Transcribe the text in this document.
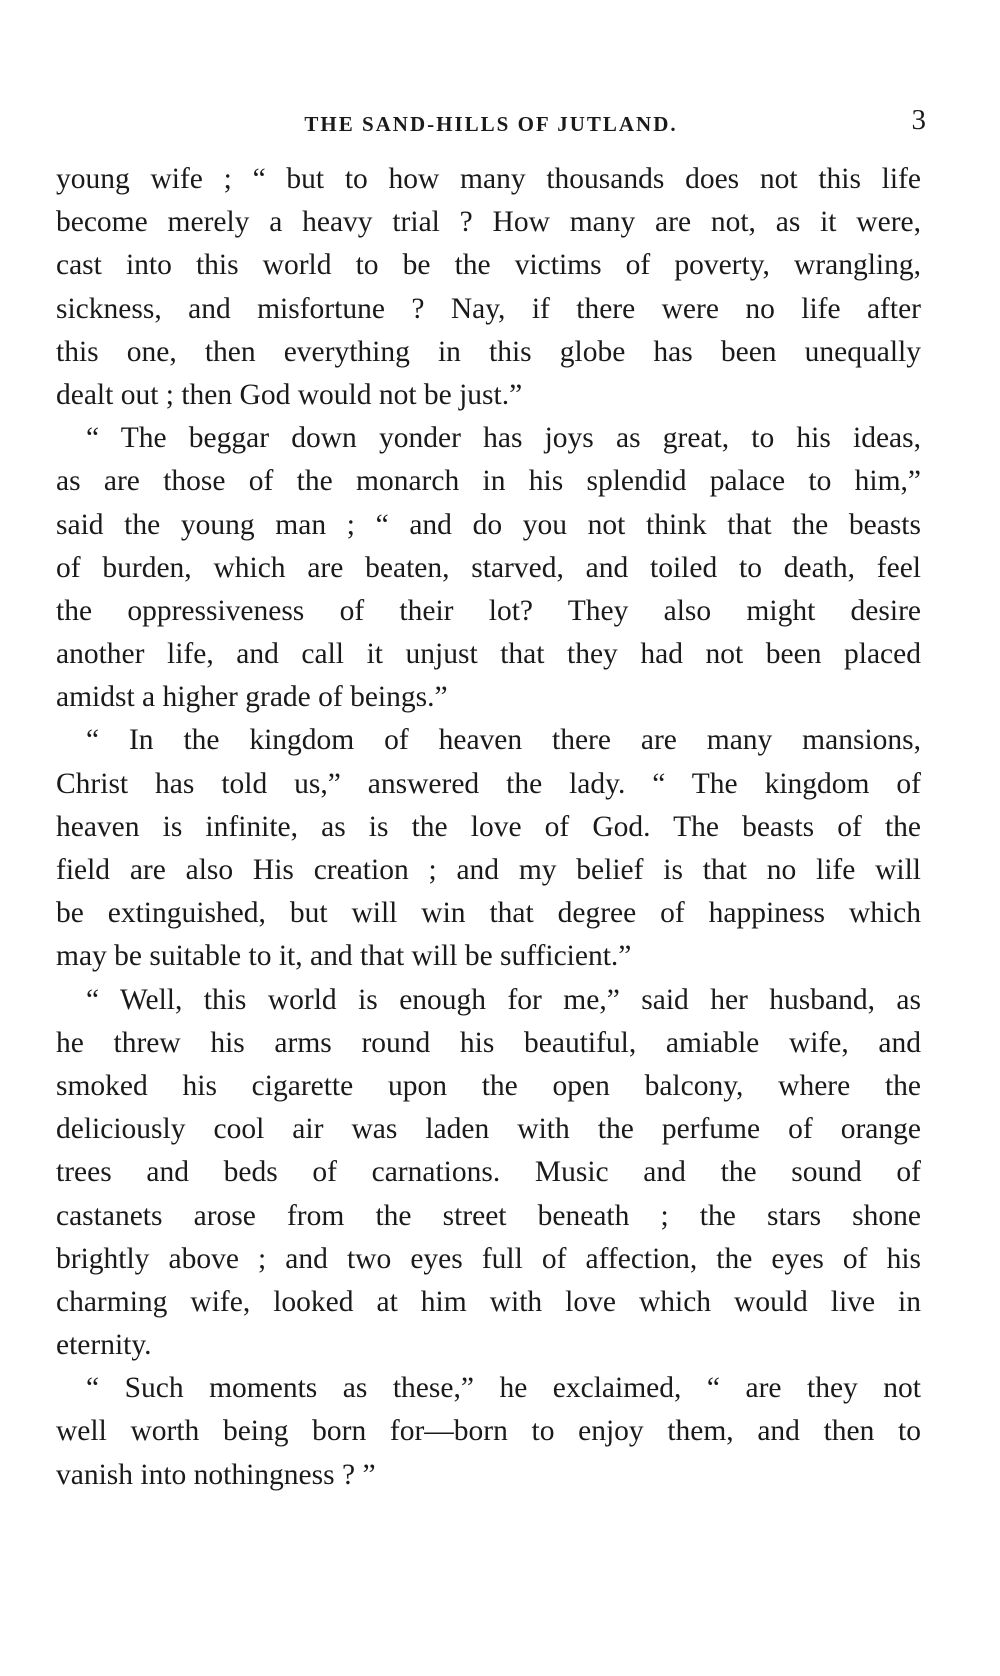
THE SAND-HILLS OF JUTLAND.	3
young wife ; “ but to how many thousands does not this life
become merely a heavy trial ? How many are not, as it were,
cast into this world to be the victims of poverty, wrangling,
sickness, and misfortune ? Nay, if there were no life after
this one, then everything in this globe has been unequally
dealt out ; then God would not be just.”
“ The beggar down yonder has joys as great, to his ideas,
as are those of the monarch in his splendid palace to him,”
said the young man ; “ and do you not think that the beasts
of burden, which are beaten, starved, and toiled to death, feel
the oppressiveness of their lot? They also might desire
another life, and call it unjust that they had not been placed
amidst a higher grade of beings.”
“ In the kingdom of heaven there are many mansions,
Christ has told us,” answered the lady. “ The kingdom of
heaven is infinite, as is the love of God. The beasts of the
field are also His creation ; and my belief is that no life will
be extinguished, but will win that degree of happiness which
may be suitable to it, and that will be sufficient.”
“ Well, this world is enough for me,” said her husband, as
he threw his arms round his beautiful, amiable wife, and
smoked his cigarette upon the open balcony, where the
deliciously cool air was laden with the perfume of orange
trees and beds of carnations. Music and the sound of
castanets arose from the street beneath ; the stars shone
brightly above ; and two eyes full of affection, the eyes of his
charming wife, looked at him with love which would live in
eternity.
“ Such moments as these,” he exclaimed, “ are they not
well worth being born for—born to enjoy them, and then to
vanish into nothingness ? ”
